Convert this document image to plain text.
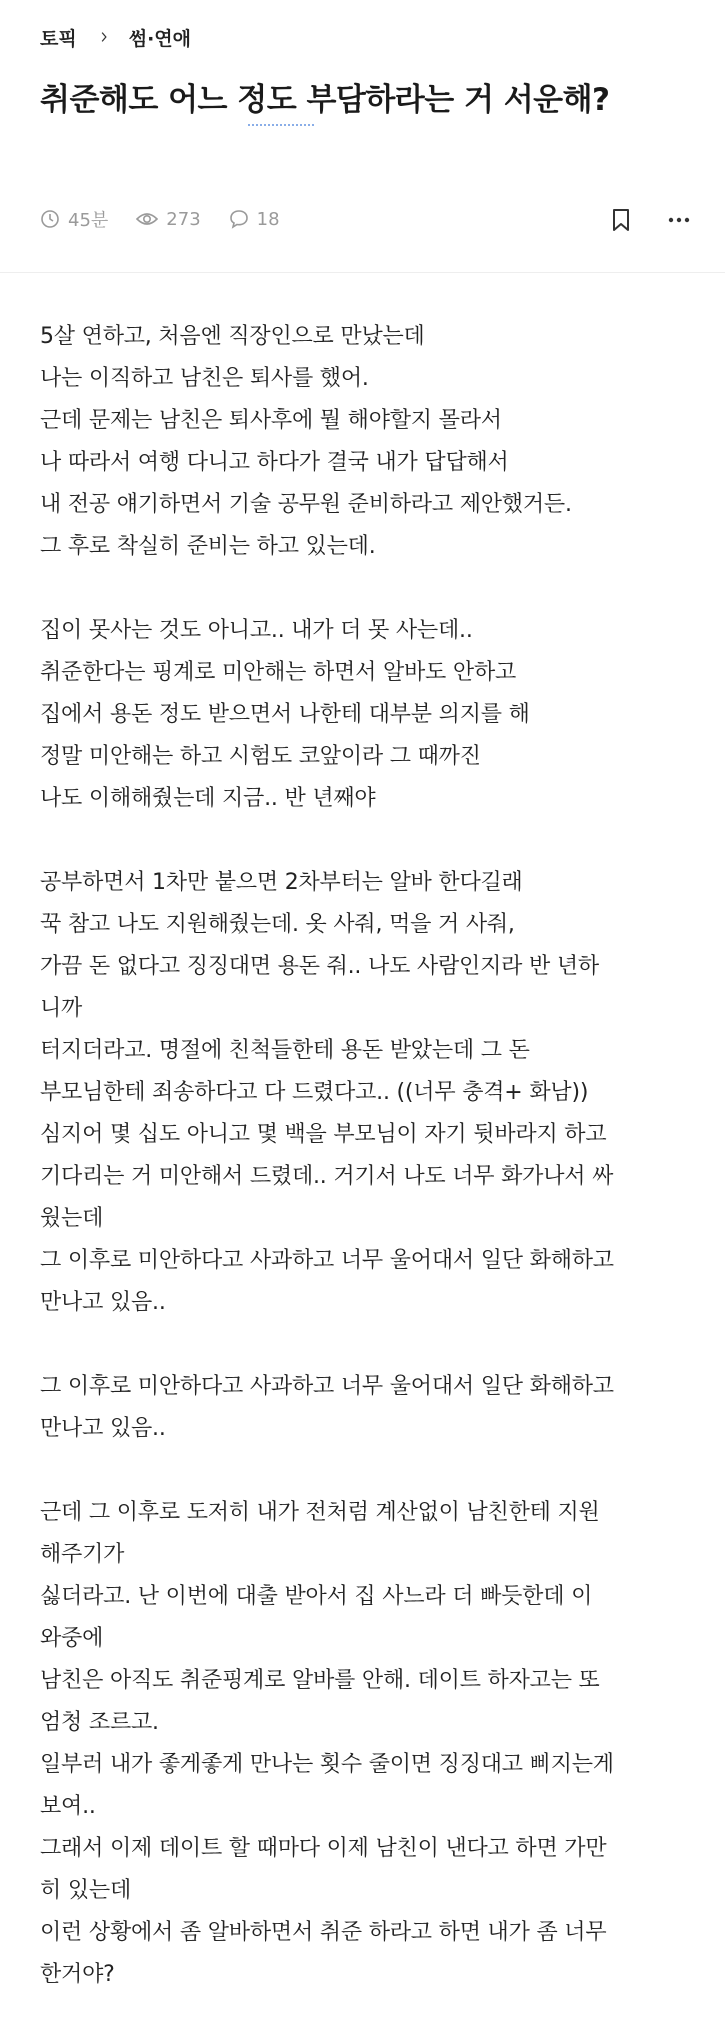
토픽	썸·연애
취준해도 어느 정도 부담하라는 거 서운해?
45분	273	18

5살 연하고, 처음엔 직장인으로 만났는데
나는 이직하고 남친은 퇴사를 했어.
근데 문제는 남친은 퇴사후에 뭘 해야할지 몰라서
나 따라서 여행 다니고 하다가 결국 내가 답답해서
내 전공 얘기하면서 기술 공무원 준비하라고 제안했거든.
그 후로 착실히 준비는 하고 있는데.

집이 못사는 것도 아니고.. 내가 더 못 사는데..
취준한다는 핑계로 미안해는 하면서 알바도 안하고
집에서 용돈 정도 받으면서 나한테 대부분 의지를 해
정말 미안해는 하고 시험도 코앞이라 그 때까진
나도 이해해줬는데 지금.. 반 년째야

공부하면서 1차만 붙으면 2차부터는 알바 한다길래
꾹 참고 나도 지원해줬는데. 옷 사줘, 먹을 거 사줘,
가끔 돈 없다고 징징대면 용돈 줘.. 나도 사람인지라 반 년하
니까
터지더라고. 명절에 친척들한테 용돈 받았는데 그 돈
부모님한테 죄송하다고 다 드렸다고.. ((너무 충격+ 화남))
심지어 몇 십도 아니고 몇 백을 부모님이 자기 뒷바라지 하고
기다리는 거 미안해서 드렸데.. 거기서 나도 너무 화가나서 싸
웠는데
그 이후로 미안하다고 사과하고 너무 울어대서 일단 화해하고
만나고 있음..

그 이후로 미안하다고 사과하고 너무 울어대서 일단 화해하고
만나고 있음..

근데 그 이후로 도저히 내가 전처럼 계산없이 남친한테 지원
해주기가
싫더라고. 난 이번에 대출 받아서 집 사느라 더 빠듯한데 이
와중에
남친은 아직도 취준핑계로 알바를 안해. 데이트 하자고는 또
엄청 조르고.
일부러 내가 좋게좋게 만나는 횟수 줄이면 징징대고 삐지는게
보여..
그래서 이제 데이트 할 때마다 이제 남친이 낸다고 하면 가만
히 있는데
이런 상황에서 좀 알바하면서 취준 하라고 하면 내가 좀 너무
한거야?
